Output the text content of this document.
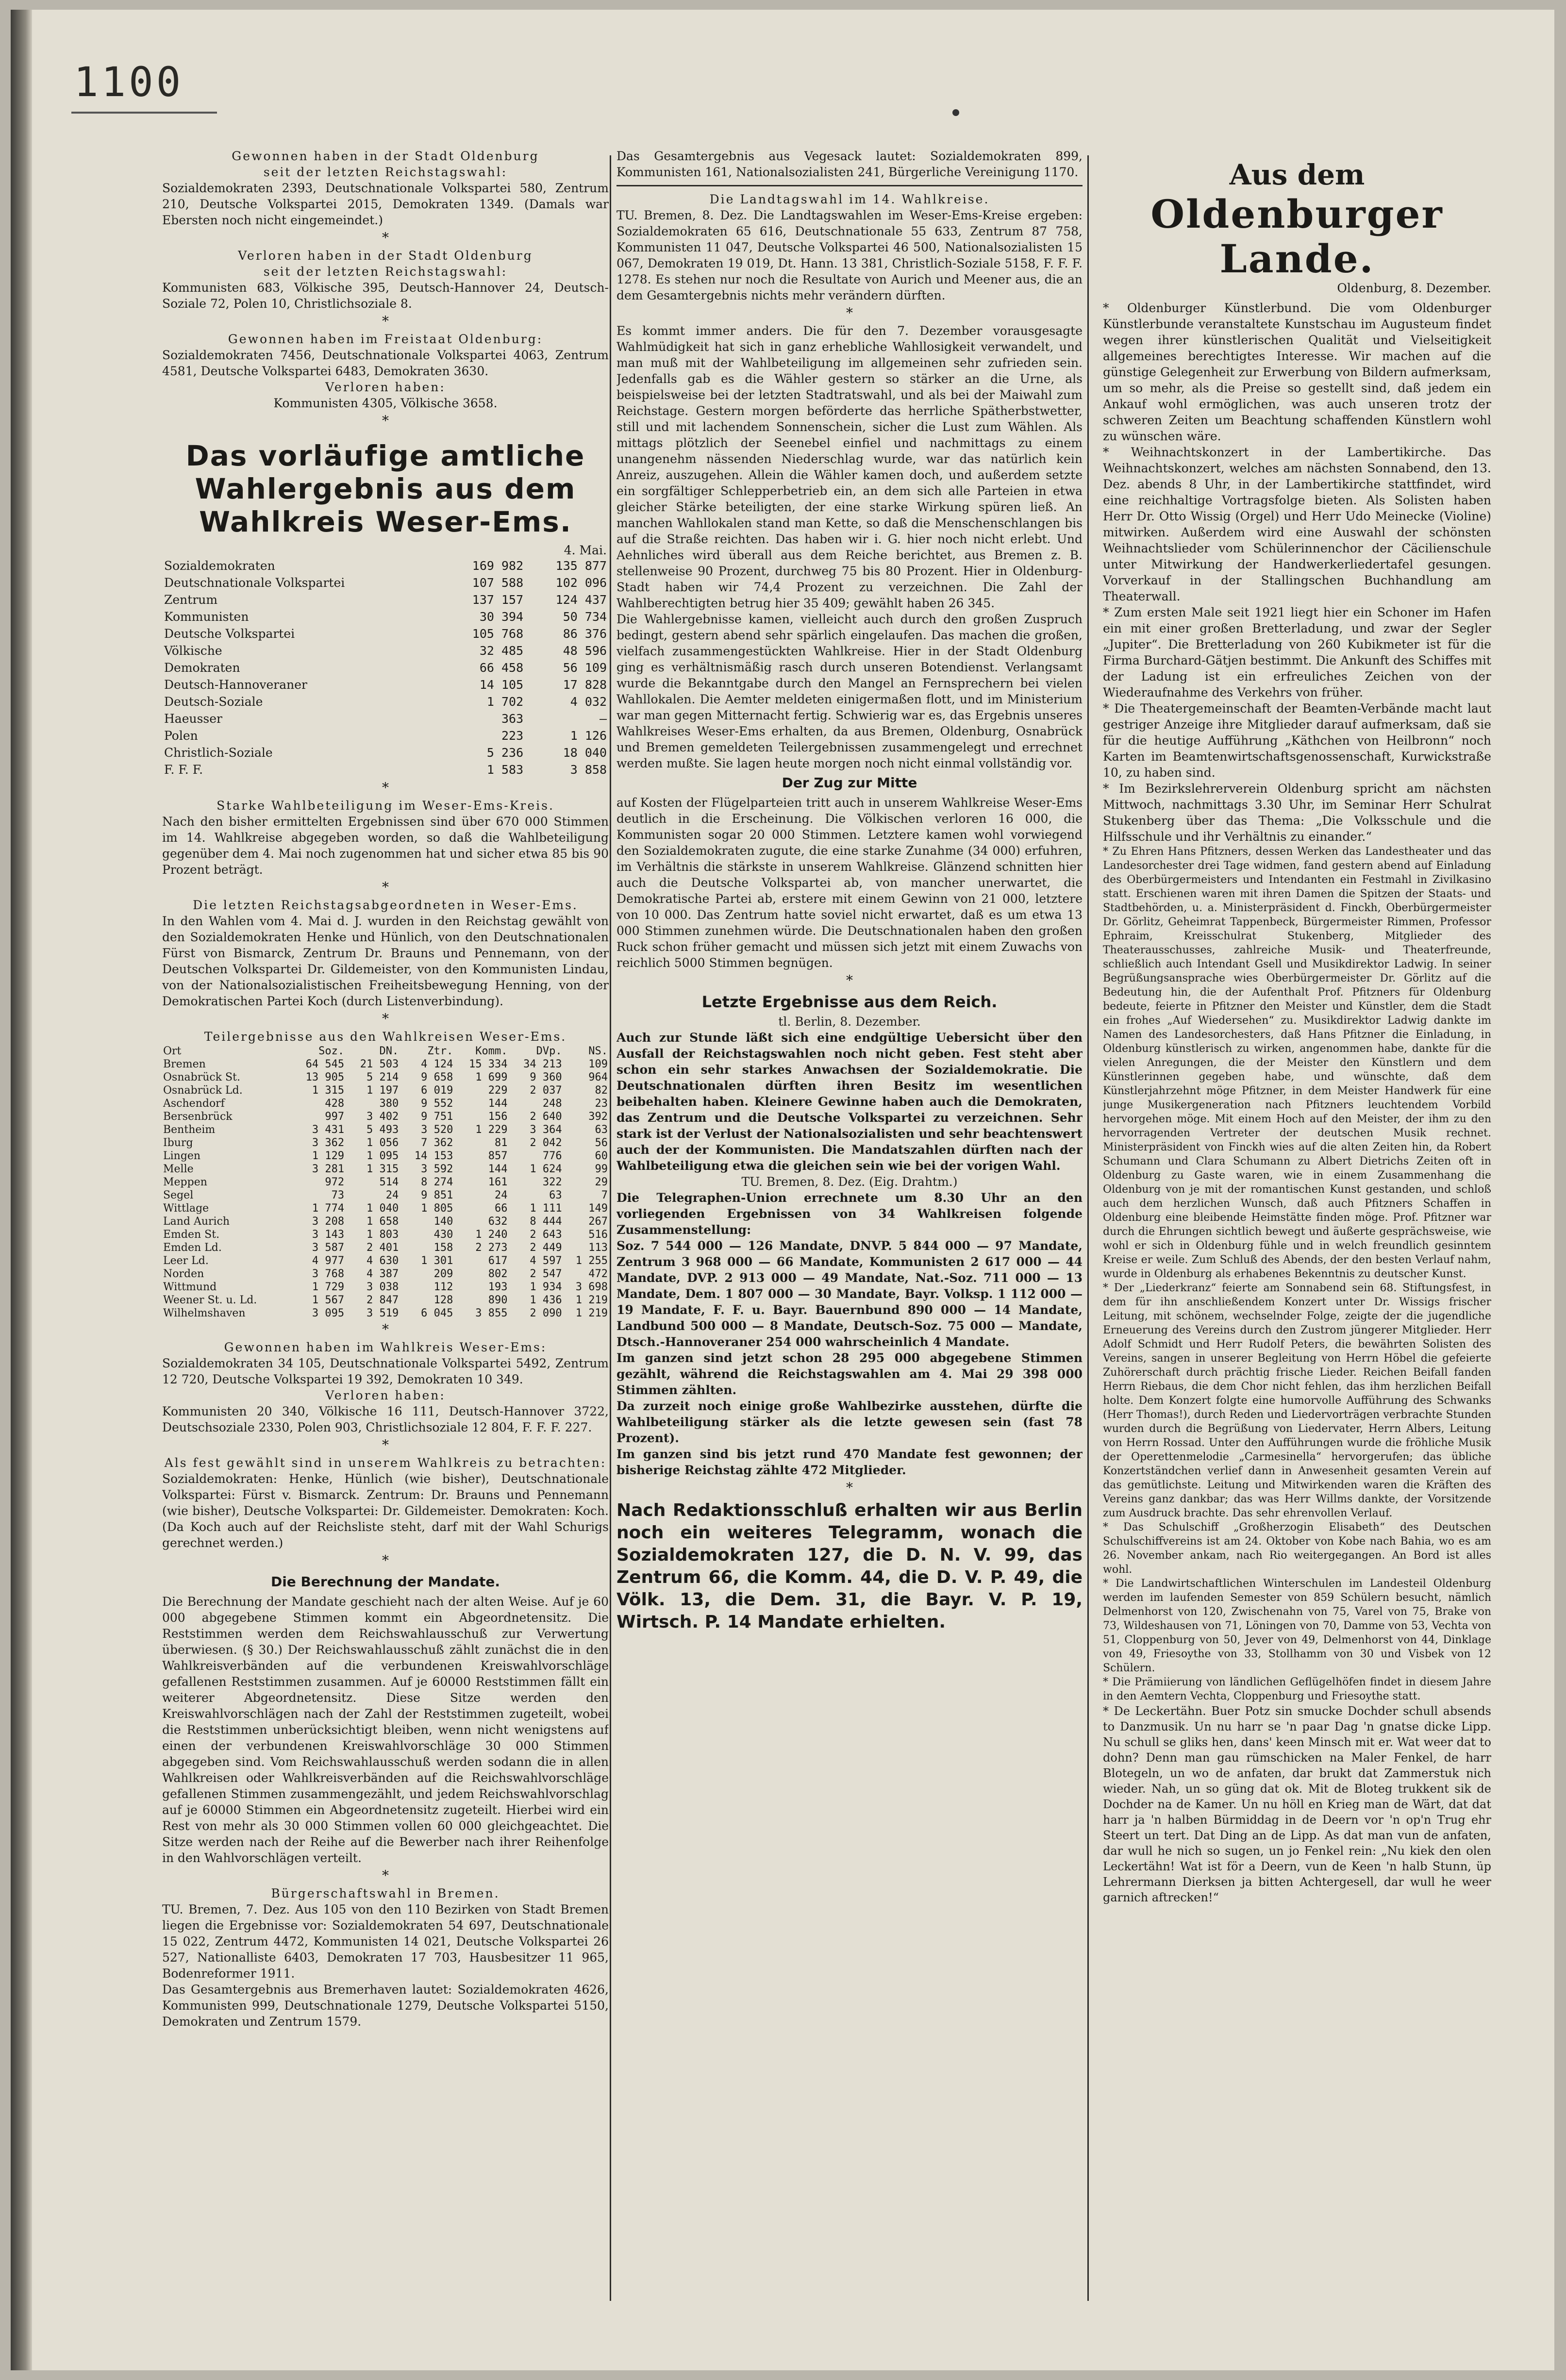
1100

Gewonnen haben in der Stadt Oldenburg

seit der letzten Reichstagswahl:

Sozialdemokraten 2393, Deutschnationale Volkspartei 580, Zentrum 210, Deutsche Volkspartei 2015, Demokraten 1349. (Damals war Ebersten noch nicht eingemeindet.)

*

Verloren haben in der Stadt Oldenburg

seit der letzten Reichstagswahl:

Kommunisten 683, Völkische 395, Deutsch-Hannover 24, Deutsch-Soziale 72, Polen 10, Christlichsoziale 8.

*

Gewonnen haben im Freistaat Oldenburg:

Sozialdemokraten 7456, Deutschnationale Volkspartei 4063, Zentrum 4581, Deutsche Volkspartei 6483, Demokraten 3630.

Verloren haben:

Kommunisten 4305, Völkische 3658.

*

Das vorläufige amtliche Wahlergebnis aus dem Wahlkreis Weser-Ems.
		4. Mai.
Sozialdemokraten	169 982	135 877
Deutschnationale Volkspartei	107 588	102 096
Zentrum	137 157	124 437
Kommunisten	30 394	50 734
Deutsche Volkspartei	105 768	86 376
Völkische	32 485	48 596
Demokraten	66 458	56 109
Deutsch-Hannoveraner	14 105	17 828
Deutsch-Soziale	1 702	4 032
Haeusser	363	—
Polen	223	1 126
Christlich-Soziale	5 236	18 040
F. F. F.	1 583	3 858

*

Starke Wahlbeteiligung im Weser-Ems-Kreis.

Nach den bisher ermittelten Ergebnissen sind über 670 000 Stimmen im 14. Wahlkreise abgegeben worden, so daß die Wahlbeteiligung gegenüber dem 4. Mai noch zugenommen hat und sicher etwa 85 bis 90 Prozent beträgt.

*

Die letzten Reichstagsabgeordneten in Weser-Ems.

In den Wahlen vom 4. Mai d. J. wurden in den Reichstag gewählt von den Sozialdemokraten Henke und Hünlich, von den Deutschnationalen Fürst von Bismarck, Zentrum Dr. Brauns und Pennemann, von der Deutschen Volkspartei Dr. Gildemeister, von den Kommunisten Lindau, von der Nationalsozialistischen Freiheitsbewegung Henning, von der Demokratischen Partei Koch (durch Listenverbindung).

*

Teilergebnisse aus den Wahlkreisen Weser-Ems.

Ort	Soz.	DN.	Ztr.	Komm.	DVp.	NS.
Bremen	64 545	21 503	4 124	15 334	34 213	109
Osnabrück St.	13 905	5 214	9 658	1 699	9 360	964
Osnabrück Ld.	1 315	1 197	6 019	229	2 037	82
Aschendorf	428	380	9 552	144	248	23
Bersenbrück	997	3 402	9 751	156	2 640	392
Bentheim	3 431	5 493	3 520	1 229	3 364	63
Iburg	3 362	1 056	7 362	81	2 042	56
Lingen	1 129	1 095	14 153	857	776	60
Melle	3 281	1 315	3 592	144	1 624	99
Meppen	972	514	8 274	161	322	29
Segel	73	24	9 851	24	63	7
Wittlage	1 774	1 040	1 805	66	1 111	149
Land Aurich	3 208	1 658	140	632	8 444	267
Emden St.	3 143	1 803	430	1 240	2 643	516
Emden Ld.	3 587	2 401	158	2 273	2 449	113
Leer Ld.	4 977	4 630	1 301	617	4 597	1 255
Norden	3 768	4 387	209	802	2 547	472
Wittmund	1 729	3 038	112	193	1 934	3 698
Weener St. u. Ld.	1 567	2 847	128	890	1 436	1 219
Wilhelmshaven	3 095	3 519	6 045	3 855	2 090	1 219

*

Gewonnen haben im Wahlkreis Weser-Ems:

Sozialdemokraten 34 105, Deutschnationale Volkspartei 5492, Zentrum 12 720, Deutsche Volkspartei 19 392, Demokraten 10 349.

Verloren haben:

Kommunisten 20 340, Völkische 16 111, Deutsch-Hannover 3722, Deutschsoziale 2330, Polen 903, Christlichsoziale 12 804, F. F. F. 227.

*

Als fest gewählt sind in unserem Wahlkreis zu betrachten:

Sozialdemokraten: Henke, Hünlich (wie bisher), Deutschnationale Volkspartei: Fürst v. Bismarck. Zentrum: Dr. Brauns und Pennemann (wie bisher), Deutsche Volkspartei: Dr. Gildemeister. Demokraten: Koch. (Da Koch auch auf der Reichsliste steht, darf mit der Wahl Schurigs gerechnet werden.)

*

Die Berechnung der Mandate.

Die Berechnung der Mandate geschieht nach der alten Weise. Auf je 60 000 abgegebene Stimmen kommt ein Abgeordnetensitz. Die Reststimmen werden dem Reichswahlausschuß zur Verwertung überwiesen. (§ 30.) Der Reichswahlausschuß zählt zunächst die in den Wahlkreisverbänden auf die verbundenen Kreiswahlvorschläge gefallenen Reststimmen zusammen. Auf je 60000 Reststimmen fällt ein weiterer Abgeordnetensitz. Diese Sitze werden den Kreiswahlvorschlägen nach der Zahl der Reststimmen zugeteilt, wobei die Reststimmen unberücksichtigt bleiben, wenn nicht wenigstens auf einen der verbundenen Kreiswahlvorschläge 30 000 Stimmen abgegeben sind. Vom Reichswahlausschuß werden sodann die in allen Wahlkreisen oder Wahlkreisverbänden auf die Reichswahlvorschläge gefallenen Stimmen zusammengezählt, und jedem Reichswahlvorschlag auf je 60000 Stimmen ein Abgeordnetensitz zugeteilt. Hierbei wird ein Rest von mehr als 30 000 Stimmen vollen 60 000 gleichgeachtet. Die Sitze werden nach der Reihe auf die Bewerber nach ihrer Reihenfolge in den Wahlvorschlägen verteilt.

*

Bürgerschaftswahl in Bremen.

TU. Bremen, 7. Dez. Aus 105 von den 110 Bezirken von Stadt Bremen liegen die Ergebnisse vor: Sozialdemokraten 54 697, Deutschnationale 15 022, Zentrum 4472, Kommunisten 14 021, Deutsche Volkspartei 26 527, Nationalliste 6403, Demokraten 17 703, Hausbesitzer 11 965, Bodenreformer 1911.

Das Gesamtergebnis aus Bremerhaven lautet: Sozialdemokraten 4626, Kommunisten 999, Deutschnationale 1279, Deutsche Volkspartei 5150, Demokraten und Zentrum 1579.

Das Gesamtergebnis aus Vegesack lautet: Sozialdemokraten 899, Kommunisten 161, Nationalsozialisten 241, Bürgerliche Vereinigung 1170.

Die Landtagswahl im 14. Wahlkreise.

TU. Bremen, 8. Dez. Die Landtagswahlen im Weser-Ems-Kreise ergeben: Sozialdemokraten 65 616, Deutschnationale 55 633, Zentrum 87 758, Kommunisten 11 047, Deutsche Volkspartei 46 500, Nationalsozialisten 15 067, Demokraten 19 019, Dt. Hann. 13 381, Christlich-Soziale 5158, F. F. F. 1278. Es stehen nur noch die Resultate von Aurich und Meener aus, die an dem Gesamtergebnis nichts mehr verändern dürften.

*

Es kommt immer anders. Die für den 7. Dezember vorausgesagte Wahlmüdigkeit hat sich in ganz erhebliche Wahllosigkeit verwandelt, und man muß mit der Wahlbeteiligung im allgemeinen sehr zufrieden sein. Jedenfalls gab es die Wähler gestern so stärker an die Urne, als beispielsweise bei der letzten Stadtratswahl, und als bei der Maiwahl zum Reichstage. Gestern morgen beförderte das herrliche Spätherbstwetter, still und mit lachendem Sonnenschein, sicher die Lust zum Wählen. Als mittags plötzlich der Seenebel einfiel und nachmittags zu einem unangenehm nässenden Niederschlag wurde, war das natürlich kein Anreiz, auszugehen. Allein die Wähler kamen doch, und außerdem setzte ein sorgfältiger Schlepperbetrieb ein, an dem sich alle Parteien in etwa gleicher Stärke beteiligten, der eine starke Wirkung spüren ließ. An manchen Wahllokalen stand man Kette, so daß die Menschenschlangen bis auf die Straße reichten. Das haben wir i. G. hier noch nicht erlebt. Und Aehnliches wird überall aus dem Reiche berichtet, aus Bremen z. B. stellenweise 90 Prozent, durchweg 75 bis 80 Prozent. Hier in Oldenburg-Stadt haben wir 74,4 Prozent zu verzeichnen. Die Zahl der Wahlberechtigten betrug hier 35 409; gewählt haben 26 345.

Die Wahlergebnisse kamen, vielleicht auch durch den großen Zuspruch bedingt, gestern abend sehr spärlich eingelaufen. Das machen die großen, vielfach zusammengestückten Wahlkreise. Hier in der Stadt Oldenburg ging es verhältnismäßig rasch durch unseren Botendienst. Verlangsamt wurde die Bekanntgabe durch den Mangel an Fernsprechern bei vielen Wahllokalen. Die Aemter meldeten einigermaßen flott, und im Ministerium war man gegen Mitternacht fertig. Schwierig war es, das Ergebnis unseres Wahlkreises Weser-Ems erhalten, da aus Bremen, Oldenburg, Osnabrück und Bremen gemeldeten Teilergebnissen zusammengelegt und errechnet werden mußte. Sie lagen heute morgen noch nicht einmal vollständig vor.

Der Zug zur Mitte

auf Kosten der Flügelparteien tritt auch in unserem Wahlkreise Weser-Ems deutlich in die Erscheinung. Die Völkischen verloren 16 000, die Kommunisten sogar 20 000 Stimmen. Letztere kamen wohl vorwiegend den Sozialdemokraten zugute, die eine starke Zunahme (34 000) erfuhren, im Verhältnis die stärkste in unserem Wahlkreise. Glänzend schnitten hier auch die Deutsche Volkspartei ab, von mancher unerwartet, die Demokratische Partei ab, erstere mit einem Gewinn von 21 000, letztere von 10 000. Das Zentrum hatte soviel nicht erwartet, daß es um etwa 13 000 Stimmen zunehmen würde. Die Deutschnationalen haben den großen Ruck schon früher gemacht und müssen sich jetzt mit einem Zuwachs von reichlich 5000 Stimmen begnügen.

*

Letzte Ergebnisse aus dem Reich.

tl. Berlin, 8. Dezember.

Auch zur Stunde läßt sich eine endgültige Uebersicht über den Ausfall der Reichstagswahlen noch nicht geben. Fest steht aber schon ein sehr starkes Anwachsen der Sozialdemokratie. Die Deutschnationalen dürften ihren Besitz im wesentlichen beibehalten haben. Kleinere Gewinne haben auch die Demokraten, das Zentrum und die Deutsche Volkspartei zu verzeichnen. Sehr stark ist der Verlust der Nationalsozialisten und sehr beachtenswert auch der der Kommunisten. Die Mandatszahlen dürften nach der Wahlbeteiligung etwa die gleichen sein wie bei der vorigen Wahl.

TU. Bremen, 8. Dez. (Eig. Drahtm.)

Die Telegraphen-Union errechnete um 8.30 Uhr an den vorliegenden Ergebnissen von 34 Wahlkreisen folgende Zusammenstellung:

Soz. 7 544 000 — 126 Mandate, DNVP. 5 844 000 — 97 Mandate, Zentrum 3 968 000 — 66 Mandate, Kommunisten 2 617 000 — 44 Mandate, DVP. 2 913 000 — 49 Mandate, Nat.-Soz. 711 000 — 13 Mandate, Dem. 1 807 000 — 30 Mandate, Bayr. Volksp. 1 112 000 — 19 Mandate, F. F. u. Bayr. Bauernbund 890 000 — 14 Mandate, Landbund 500 000 — 8 Mandate, Deutsch-Soz. 75 000 — Mandate, Dtsch.-Hannoveraner 254 000 wahrscheinlich 4 Mandate.

Im ganzen sind jetzt schon 28 295 000 abgegebene Stimmen gezählt, während die Reichstagswahlen am 4. Mai 29 398 000 Stimmen zählten.

Da zurzeit noch einige große Wahlbezirke ausstehen, dürfte die Wahlbeteiligung stärker als die letzte gewesen sein (fast 78 Prozent).

Im ganzen sind bis jetzt rund 470 Mandate fest gewonnen; der bisherige Reichstag zählte 472 Mitglieder.

*

Nach Redaktionsschluß erhalten wir aus Berlin noch ein weiteres Telegramm, wonach die Sozialdemokraten 127, die D. N. V. 99, das Zentrum 66, die Komm. 44, die D. V. P. 49, die Völk. 13, die Dem. 31, die Bayr. V. P. 19, Wirtsch. P. 14 Mandate erhielten.

Aus dem

Oldenburger Lande.

Oldenburg, 8. Dezember.

* Oldenburger Künstlerbund. Die vom Oldenburger Künstlerbunde veranstaltete Kunstschau im Augusteum findet wegen ihrer künstlerischen Qualität und Vielseitigkeit allgemeines berechtigtes Interesse. Wir machen auf die günstige Gelegenheit zur Erwerbung von Bildern aufmerksam, um so mehr, als die Preise so gestellt sind, daß jedem ein Ankauf wohl ermöglichen, was auch unseren trotz der schweren Zeiten um Beachtung schaffenden Künstlern wohl zu wünschen wäre.

* Weihnachtskonzert in der Lambertikirche. Das Weihnachtskonzert, welches am nächsten Sonnabend, den 13. Dez. abends 8 Uhr, in der Lambertikirche stattfindet, wird eine reichhaltige Vortragsfolge bieten. Als Solisten haben Herr Dr. Otto Wissig (Orgel) und Herr Udo Meinecke (Violine) mitwirken. Außerdem wird eine Auswahl der schönsten Weihnachtslieder vom Schülerinnenchor der Cäcilienschule unter Mitwirkung der Handwerkerliedertafel gesungen. Vorverkauf in der Stallingschen Buchhandlung am Theaterwall.

* Zum ersten Male seit 1921 liegt hier ein Schoner im Hafen ein mit einer großen Bretterladung, und zwar der Segler „Jupiter“. Die Bretterladung von 260 Kubikmeter ist für die Firma Burchard-Gätjen bestimmt. Die Ankunft des Schiffes mit der Ladung ist ein erfreuliches Zeichen von der Wiederaufnahme des Verkehrs von früher.

* Die Theatergemeinschaft der Beamten-Verbände macht laut gestriger Anzeige ihre Mitglieder darauf aufmerksam, daß sie für die heutige Aufführung „Käthchen von Heilbronn“ noch Karten im Beamtenwirtschaftsgenossenschaft, Kurwickstraße 10, zu haben sind.

* Im Bezirkslehrerverein Oldenburg spricht am nächsten Mittwoch, nachmittags 3.30 Uhr, im Seminar Herr Schulrat Stukenberg über das Thema: „Die Volksschule und die Hilfsschule und ihr Verhältnis zu einander.“

* Zu Ehren Hans Pfitzners, dessen Werken das Landestheater und das Landesorchester drei Tage widmen, fand gestern abend auf Einladung des Oberbürgermeisters und Intendanten ein Festmahl in Zivilkasino statt. Erschienen waren mit ihren Damen die Spitzen der Staats- und Stadtbehörden, u. a. Ministerpräsident d. Finckh, Oberbürgermeister Dr. Görlitz, Geheimrat Tappenbeck, Bürgermeister Rimmen, Professor Ephraim, Kreisschulrat Stukenberg, Mitglieder des Theaterausschusses, zahlreiche Musik- und Theaterfreunde, schließlich auch Intendant Gsell und Musikdirektor Ladwig. In seiner Begrüßungsansprache wies Oberbürgermeister Dr. Görlitz auf die Bedeutung hin, die der Aufenthalt Prof. Pfitzners für Oldenburg bedeute, feierte in Pfitzner den Meister und Künstler, dem die Stadt ein frohes „Auf Wiedersehen“ zu. Musikdirektor Ladwig dankte im Namen des Landesorchesters, daß Hans Pfitzner die Einladung, in Oldenburg künstlerisch zu wirken, angenommen habe, dankte für die vielen Anregungen, die der Meister den Künstlern und dem Künstlerinnen gegeben habe, und wünschte, daß dem Künstlerjahrzehnt möge Pfitzner, in dem Meister Handwerk für eine junge Musikergeneration nach Pfitzners leuchtendem Vorbild hervorgehen möge. Mit einem Hoch auf den Meister, der ihm zu den hervorragenden Vertreter der deutschen Musik rechnet. Ministerpräsident von Finckh wies auf die alten Zeiten hin, da Robert Schumann und Clara Schumann zu Albert Dietrichs Zeiten oft in Oldenburg zu Gaste waren, wie in einem Zusammenhang die Oldenburg von je mit der romantischen Kunst gestanden, und schloß auch dem herzlichen Wunsch, daß auch Pfitzners Schaffen in Oldenburg eine bleibende Heimstätte finden möge. Prof. Pfitzner war durch die Ehrungen sichtlich bewegt und äußerte gesprächsweise, wie wohl er sich in Oldenburg fühle und in welch freundlich gesinntem Kreise er weile. Zum Schluß des Abends, der den besten Verlauf nahm, wurde in Oldenburg als erhabenes Bekenntnis zu deutscher Kunst.

* Der „Liederkranz“ feierte am Sonnabend sein 68. Stiftungsfest, in dem für ihn anschließendem Konzert unter Dr. Wissigs frischer Leitung, mit schönem, wechselnder Folge, zeigte der die jugendliche Erneuerung des Vereins durch den Zustrom jüngerer Mitglieder. Herr Adolf Schmidt und Herr Rudolf Peters, die bewährten Solisten des Vereins, sangen in unserer Begleitung von Herrn Höbel die gefeierte Zuhörerschaft durch prächtig frische Lieder. Reichen Beifall fanden Herrn Riebaus, die dem Chor nicht fehlen, das ihm herzlichen Beifall holte. Dem Konzert folgte eine humorvolle Aufführung des Schwanks (Herr Thomas!), durch Reden und Liedervorträgen verbrachte Stunden wurden durch die Begrüßung von Liedervater, Herrn Albers, Leitung von Herrn Rossad. Unter den Aufführungen wurde die fröhliche Musik der Operettenmelodie „Carmesinella“ hervorgerufen; das übliche Konzertständchen verlief dann in Anwesenheit gesamten Verein auf das gemütlichste. Leitung und Mitwirkenden waren die Kräften des Vereins ganz dankbar; das was Herr Willms dankte, der Vorsitzende zum Ausdruck brachte. Das sehr ehrenvollen Verlauf.

* Das Schulschiff „Großherzogin Elisabeth“ des Deutschen Schulschiffvereins ist am 24. Oktober von Kobe nach Bahia, wo es am 26. November ankam, nach Rio weitergegangen. An Bord ist alles wohl.

* Die Landwirtschaftlichen Winterschulen im Landesteil Oldenburg werden im laufenden Semester von 859 Schülern besucht, nämlich Delmenhorst von 120, Zwischenahn von 75, Varel von 75, Brake von 73, Wildeshausen von 71, Löningen von 70, Damme von 53, Vechta von 51, Cloppenburg von 50, Jever von 49, Delmenhorst von 44, Dinklage von 49, Friesoythe von 33, Stollhamm von 30 und Visbek von 12 Schülern.

* Die Prämiierung von ländlichen Geflügelhöfen findet in diesem Jahre in den Aemtern Vechta, Cloppenburg und Friesoythe statt.

* De Leckertähn. Buer Potz sin smucke Dochder schull absends to Danzmusik. Un nu harr se 'n paar Dag 'n gnatse dicke Lipp. Nu schull se gliks hen, dans' keen Minsch mit er. Wat weer dat to dohn? Denn man gau rümschicken na Maler Fenkel, de harr Blotegeln, un wo de anfaten, dar brukt dat Zammerstuk nich wieder. Nah, un so güng dat ok. Mit de Bloteg trukkent sik de Dochder na de Kamer. Un nu höll en Krieg man de Wärt, dat dat harr ja 'n halben Bürmiddag in de Deern vor 'n op'n Trug ehr Steert un tert. Dat Ding an de Lipp. As dat man vun de anfaten, dar wull he nich so sugen, un jo Fenkel rein: „Nu kiek den olen Leckertähn! Wat ist för a Deern, vun de Keen 'n halb Stunn, üp Lehrermann Dierksen ja bitten Achtergesell, dar wull he weer garnich aftrecken!“
